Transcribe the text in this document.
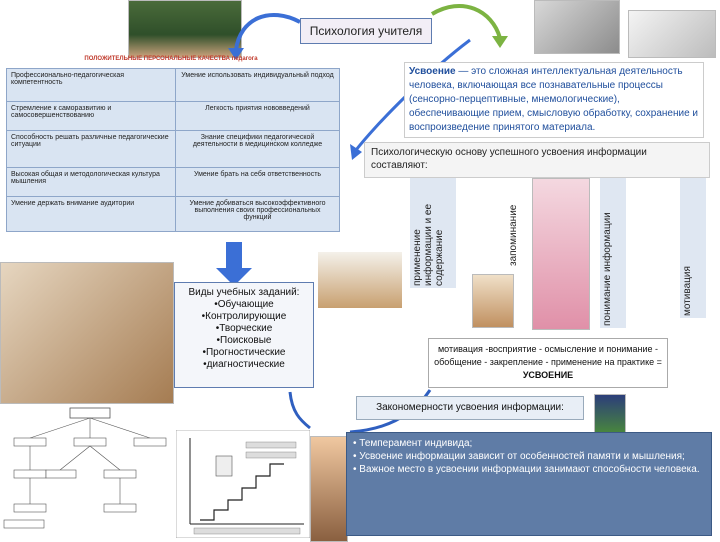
Психология учителя
ПОЛОЖИТЕЛЬНЫЕ ПЕРСОНАЛЬНЫЕ КАЧЕСТВА педагога
Профессионально-педагогическая компетентность	Умение использовать индивидуальный подход
Стремление к саморазвитию и самосовершенствованию	Легкость приятия нововведений
Способность решать различные педагогические ситуации	Знание специфики педагогической деятельности в медицинском колледже
Высокая общая и методологическая культура мышления	Умение брать на себя ответственность
Умение держать внимание аудитории	Умение добиваться высокоэффективного выполнения своих профессиональных функций
Усвоение — это сложная интеллектуальная деятельность человека, включающая все познавательные процессы (сенсорно-перцептивные, мнемологические), обеспечивающие прием, смысловую обработку, сохранение и воспроизведение принятого материала.
Психологическую основу успешного усвоения информации составляют:
мотивация
понимание информации
запоминание
применение информации и ее содержание
Виды учебных заданий:
•Обучающие
•Контролирующие
•Творческие
•Поисковые
•Прогностические
•диагностические
мотивация -восприятие - осмысление и понимание - обобщение - закрепление - применение на практике = УСВОЕНИЕ
Закономерности усвоения информации:
• Темперамент индивида;
• Усвоение информации зависит от особенностей памяти и мышления;
• Важное место в усвоении информации занимают способности человека.
